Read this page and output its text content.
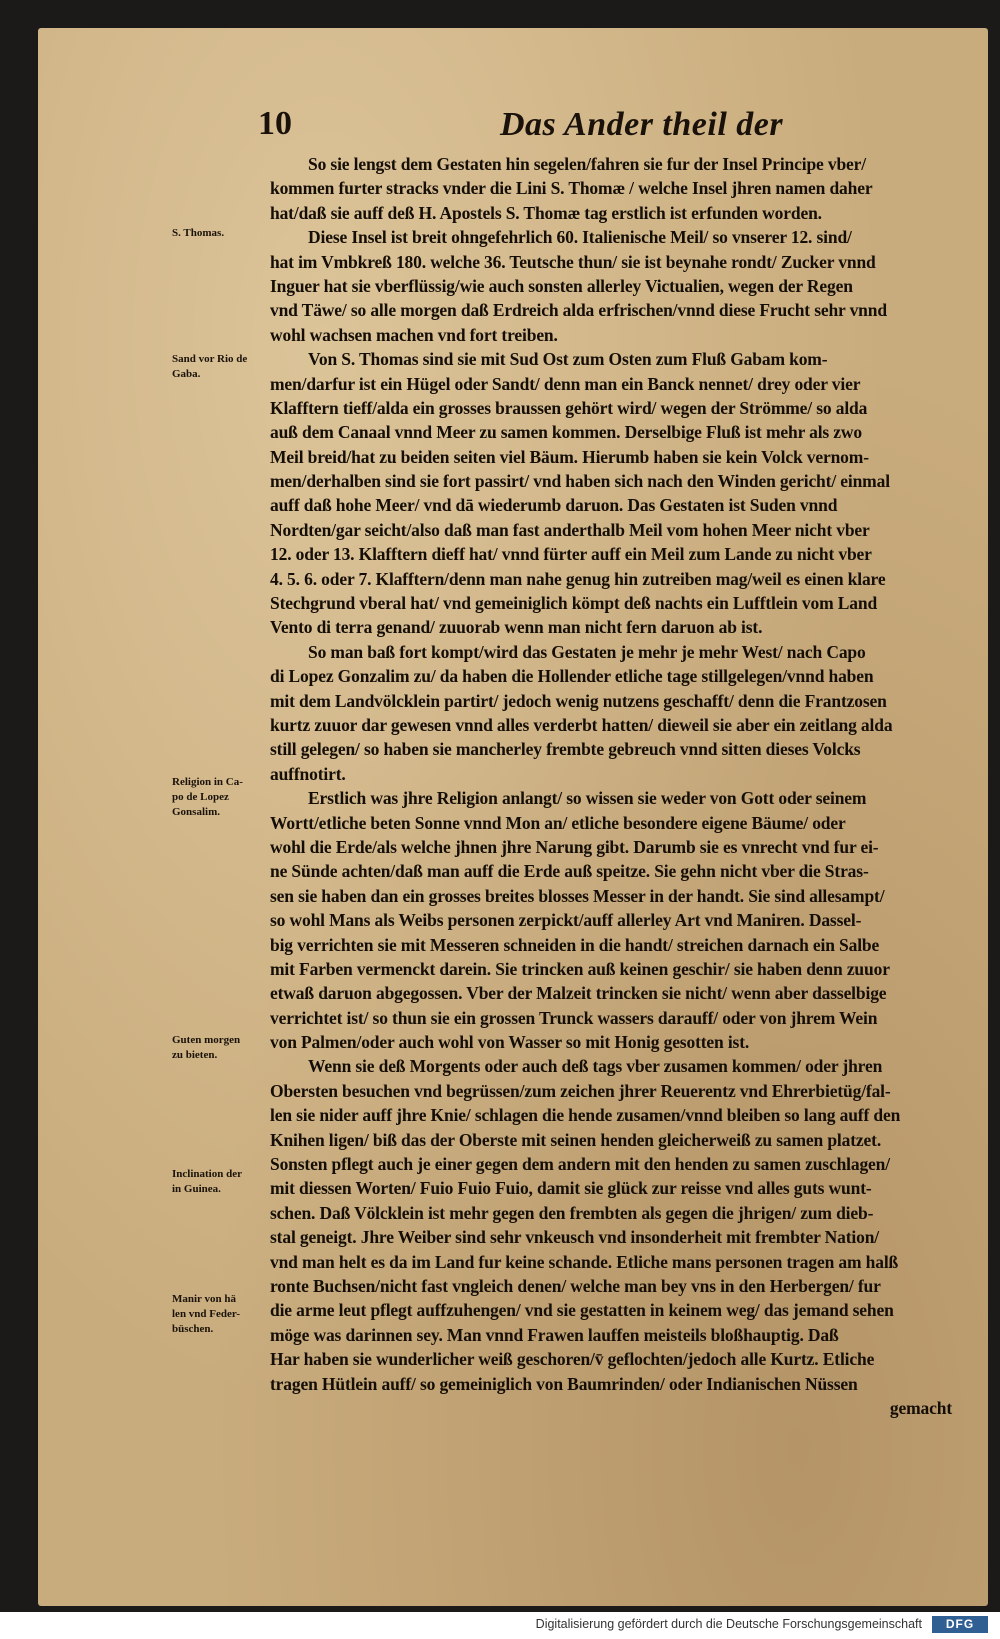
10	Das Ander theil der
So sie lengst dem Gestaten hin segelen/fahren sie fur der Insel Principe vber/
kommen furter stracks vnder die Lini S. Thomæ / welche Insel jhren namen daher
hat/daß sie auff deß H. Apostels S. Thomæ tag erstlich ist erfunden worden.
Diese Insel ist breit ohngefehrlich 60. Italienische Meil/ so vnserer 12. sind/
hat im Vmbkreß 180. welche 36. Teutsche thun/ sie ist beynahe rondt/ Zucker vnnd
Inguer hat sie vberflüssig/wie auch sonsten allerley Victualien, wegen der Regen
vnd Täwe/ so alle morgen daß Erdreich alda erfrischen/vnnd diese Frucht sehr vnnd
wohl wachsen machen vnd fort treiben.
Von S. Thomas sind sie mit Sud Ost zum Osten zum Fluß Gabam kom-
men/darfur ist ein Hügel oder Sandt/ denn man ein Banck nennet/ drey oder vier
Klafftern tieff/alda ein grosses braussen gehört wird/ wegen der Strömme/ so alda
auß dem Canaal vnnd Meer zu samen kommen. Derselbige Fluß ist mehr als zwo
Meil breid/hat zu beiden seiten viel Bäum. Hierumb haben sie kein Volck vernom-
men/derhalben sind sie fort passirt/ vnd haben sich nach den Winden gericht/ einmal
auff daß hohe Meer/ vnd dā wiederumb daruon. Das Gestaten ist Suden vnnd
Nordten/gar seicht/also daß man fast anderthalb Meil vom hohen Meer nicht vber
12. oder 13. Klafftern dieff hat/ vnnd fürter auff ein Meil zum Lande zu nicht vber
4. 5. 6. oder 7. Klafftern/denn man nahe genug hin zutreiben mag/weil es einen klare
Stechgrund vberal hat/ vnd gemeiniglich kömpt deß nachts ein Lufftlein vom Land
Vento di terra genand/ zuuorab wenn man nicht fern daruon ab ist.
So man baß fort kompt/wird das Gestaten je mehr je mehr West/ nach Capo
di Lopez Gonzalim zu/ da haben die Hollender etliche tage stillgelegen/vnnd haben
mit dem Landvölcklein partirt/ jedoch wenig nutzens geschafft/ denn die Frantzosen
kurtz zuuor dar gewesen vnnd alles verderbt hatten/ dieweil sie aber ein zeitlang alda
still gelegen/ so haben sie mancherley frembte gebreuch vnnd sitten dieses Volcks
auffnotirt.
Erstlich was jhre Religion anlangt/ so wissen sie weder von Gott oder seinem
Wortt/etliche beten Sonne vnnd Mon an/ etliche besondere eigene Bäume/ oder
wohl die Erde/als welche jhnen jhre Narung gibt. Darumb sie es vnrecht vnd fur ei-
ne Sünde achten/daß man auff die Erde auß speitze. Sie gehn nicht vber die Stras-
sen sie haben dan ein grosses breites blosses Messer in der handt. Sie sind allesampt/
so wohl Mans als Weibs personen zerpickt/auff allerley Art vnd Maniren. Dassel-
big verrichten sie mit Messeren schneiden in die handt/ streichen darnach ein Salbe
mit Farben vermenckt darein. Sie trincken auß keinen geschir/ sie haben denn zuuor
etwaß daruon abgegossen. Vber der Malzeit trincken sie nicht/ wenn aber dasselbige
verrichtet ist/ so thun sie ein grossen Trunck wassers darauff/ oder von jhrem Wein
von Palmen/oder auch wohl von Wasser so mit Honig gesotten ist.
Wenn sie deß Morgents oder auch deß tags vber zusamen kommen/ oder jhren
Obersten besuchen vnd begrüssen/zum zeichen jhrer Reuerentz vnd Ehrerbietüg/fal-
len sie nider auff jhre Knie/ schlagen die hende zusamen/vnnd bleiben so lang auff den
Knihen ligen/ biß das der Oberste mit seinen henden gleicherweiß zu samen platzet.
Sonsten pflegt auch je einer gegen dem andern mit den henden zu samen zuschlagen/
mit diessen Worten/ Fuio Fuio Fuio, damit sie glück zur reisse vnd alles guts wunt-
schen. Daß Völcklein ist mehr gegen den frembten als gegen die jhrigen/ zum dieb-
stal geneigt. Jhre Weiber sind sehr vnkeusch vnd insonderheit mit frembter Nation/
vnd man helt es da im Land fur keine schande. Etliche mans personen tragen am halß
ronte Buchsen/nicht fast vngleich denen/ welche man bey vns in den Herbergen/ fur
die arme leut pflegt auffzuhengen/ vnd sie gestatten in keinem weg/ das jemand sehen
möge was darinnen sey. Man vnnd Frawen lauffen meisteils bloßhauptig. Daß
Har haben sie wunderlicher weiß geschoren/v̄ geflochten/jedoch alle Kurtz. Etliche
tragen Hütlein auff/ so gemeiniglich von Baumrinden/ oder Indianischen Nüssen
gemacht
S. Thomas.
Sand vor Rio de
Gaba.
Religion in Ca-
po de Lopez
Gonsalim.
Guten morgen
zu bieten.
Inclination der
in Guinea.
Manir von hä
len vnd Feder-
büschen.
Digitalisierung gefördert durch die Deutsche Forschungsgemeinschaft	DFG
